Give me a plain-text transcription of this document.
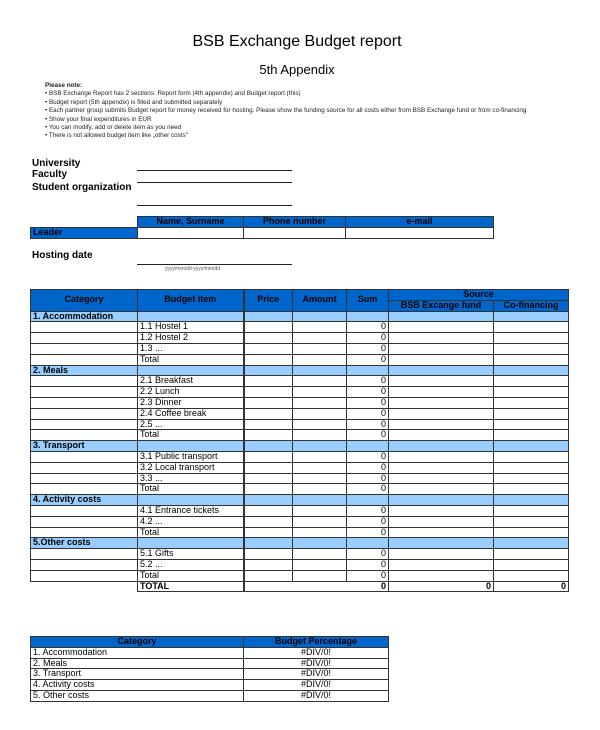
BSB Exchange Budget report
5th Appendix
Please note:
• BSB Exchange Report has 2 sections: Report form (4th appendix) and Budget report (this)
• Budget report (5th appendix) is filled and submitted separately
• Each partner group submits Budget report for money received for hosting. Please show the funding source for all costs either from BSB Exchange fund or from co-financing
• Show your final expenditures in EUR
• You can modify, add or delete item as you need
• There is not allowed budget item like „other costs"
University
Faculty
Student organization
	Name, Surname	Phone number	e-mail
Leader			
Hosting date
yyyy/mm/dd-yyyy/mm/dd
Category	Budget item	Price	Amount	Sum	Source	
					BSB Excange fund	Co-financing
1. Accommodation						
	1.1 Hostel 1			0		
	1.2 Hostel 2			0		
	1.3 ...			0		
	Total			0		
2. Meals						
	2.1 Breakfast			0		
	2.2 Lunch			0		
	2.3 Dinner			0		
	2.4 Coffee break			0		
	2.5 ...			0		
	Total			0		
3. Transport						
	3.1 Public transport			0		
	3.2 Local transport			0		
	3.3 ...			0		
	Total			0		
4. Activity costs						
	4.1 Entrance tickets			0		
	4.2 ...			0		
	Total			0		
5.Other costs						
	5.1 Gifts			0		
	5.2 ...			0		
	Total			0		
	TOTAL	0			0	0
Category	Budget Percentage
1. Accommodation	#DIV/0!
2. Meals	#DIV/0!
3. Transport	#DIV/0!
4. Activity costs	#DIV/0!
5. Other costs	#DIV/0!
